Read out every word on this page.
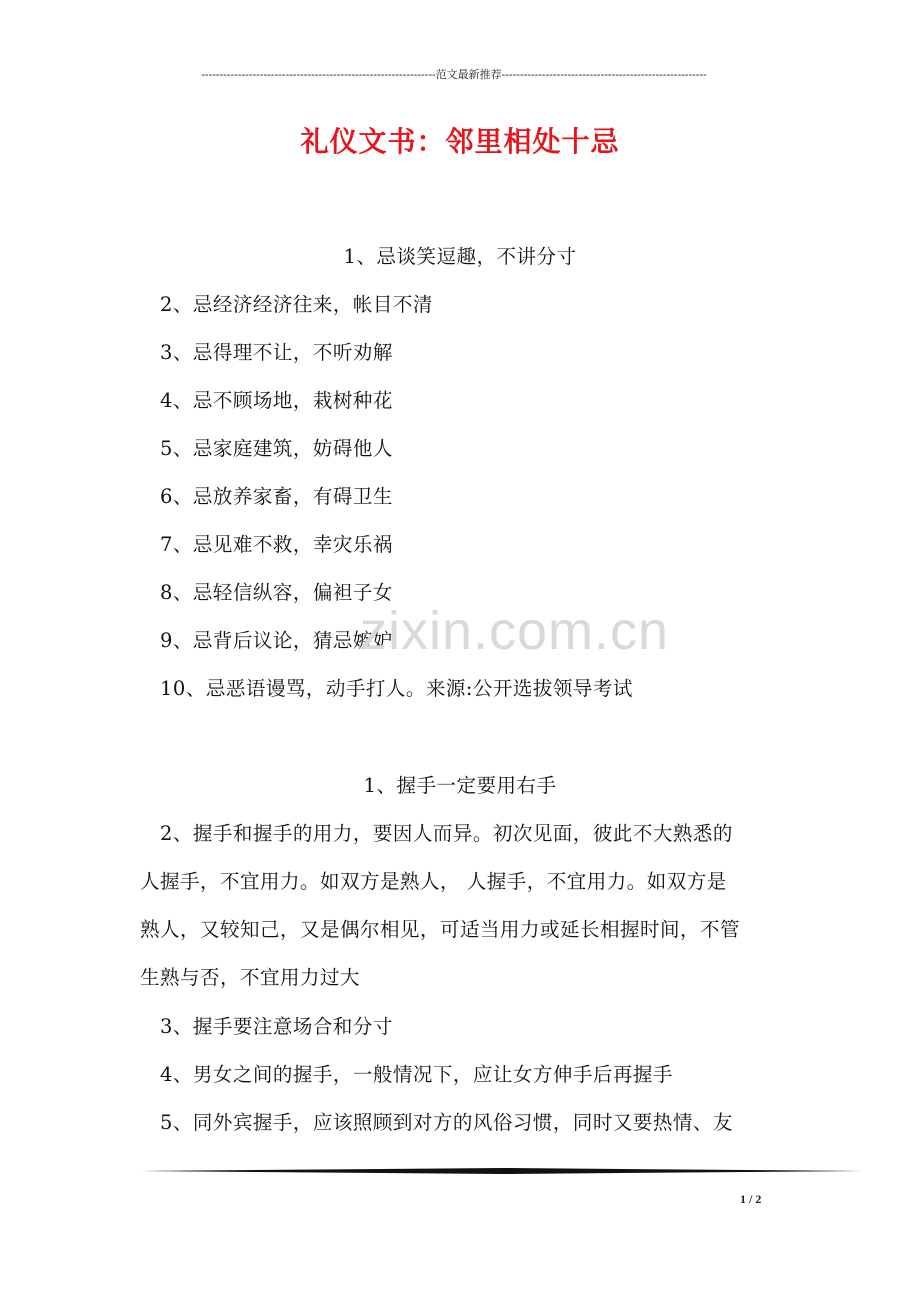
----------------------------------------------------------------范文最新推荐--------------------------------------------------------
礼仪文书：邻里相处十忌
1、忌谈笑逗趣，不讲分寸
2、忌经济经济往来，帐目不清
3、忌得理不让，不听劝解
4、忌不顾场地，栽树种花
5、忌家庭建筑，妨碍他人
6、忌放养家畜，有碍卫生
7、忌见难不救，幸灾乐祸
8、忌轻信纵容，偏袒子女
9、忌背后议论，猜忌嫉妒
10、忌恶语谩骂，动手打人。来源:公开选拔领导考试
zixin.com.cn
1、握手一定要用右手
2、握手和握手的用力，要因人而异。初次见面，彼此不大熟悉的
人握手，不宜用力。如双方是熟人， 人握手，不宜用力。如双方是
熟人，又较知己，又是偶尔相见，可适当用力或延长相握时间，不管
生熟与否，不宜用力过大
3、握手要注意场合和分寸
4、男女之间的握手，一般情况下，应让女方伸手后再握手
5、同外宾握手，应该照顾到对方的风俗习惯，同时又要热情、友
1 / 2
